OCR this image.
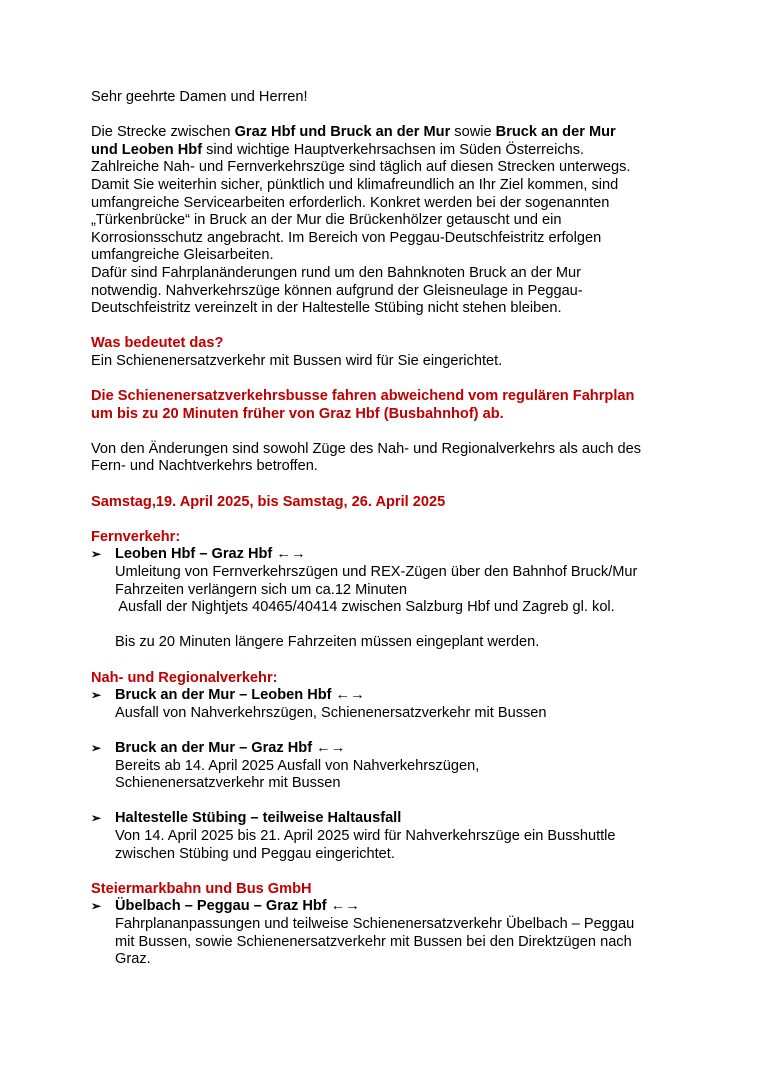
Sehr geehrte Damen und Herren!

Die Strecke zwischen Graz Hbf und Bruck an der Mur sowie Bruck an der Mur

und Leoben Hbf sind wichtige Hauptverkehrsachsen im Süden Österreichs.

Zahlreiche Nah- und Fernverkehrszüge sind täglich auf diesen Strecken unterwegs.

Damit Sie weiterhin sicher, pünktlich und klimafreundlich an Ihr Ziel kommen, sind

umfangreiche Servicearbeiten erforderlich. Konkret werden bei der sogenannten

„Türkenbrücke“ in Bruck an der Mur die Brückenhölzer getauscht und ein

Korrosionsschutz angebracht. Im Bereich von Peggau-Deutschfeistritz erfolgen

umfangreiche Gleisarbeiten.

Dafür sind Fahrplanänderungen rund um den Bahnknoten Bruck an der Mur

notwendig. Nahverkehrszüge können aufgrund der Gleisneulage in Peggau-

Deutschfeistritz vereinzelt in der Haltestelle Stübing nicht stehen bleiben.

Was bedeutet das?

Ein Schienenersatzverkehr mit Bussen wird für Sie eingerichtet.

Die Schienenersatzverkehrsbusse fahren abweichend vom regulären Fahrplan

um bis zu 20 Minuten früher von Graz Hbf (Busbahnhof) ab.

Von den Änderungen sind sowohl Züge des Nah- und Regionalverkehrs als auch des

Fern- und Nachtverkehrs betroffen.

Samstag,19. April 2025, bis Samstag, 26. April 2025

Fernverkehr:

➢ Leoben Hbf – Graz Hbf ←→

Umleitung von Fernverkehrszügen und REX-Zügen über den Bahnhof Bruck/Mur

Fahrzeiten verlängern sich um ca.12 Minuten

Ausfall der Nightjets 40465/40414 zwischen Salzburg Hbf und Zagreb gl. kol.

Bis zu 20 Minuten längere Fahrzeiten müssen eingeplant werden.

Nah- und Regionalverkehr:

➢ Bruck an der Mur – Leoben Hbf ←→

Ausfall von Nahverkehrszügen, Schienenersatzverkehr mit Bussen

➢ Bruck an der Mur – Graz Hbf ←→

Bereits ab 14. April 2025 Ausfall von Nahverkehrszügen,

Schienenersatzverkehr mit Bussen

➢ Haltestelle Stübing – teilweise Haltausfall

Von 14. April 2025 bis 21. April 2025 wird für Nahverkehrszüge ein Busshuttle

zwischen Stübing und Peggau eingerichtet.

Steiermarkbahn und Bus GmbH

➢ Übelbach – Peggau – Graz Hbf ←→

Fahrplananpassungen und teilweise Schienenersatzverkehr Übelbach – Peggau

mit Bussen, sowie Schienenersatzverkehr mit Bussen bei den Direktzügen nach

Graz.
